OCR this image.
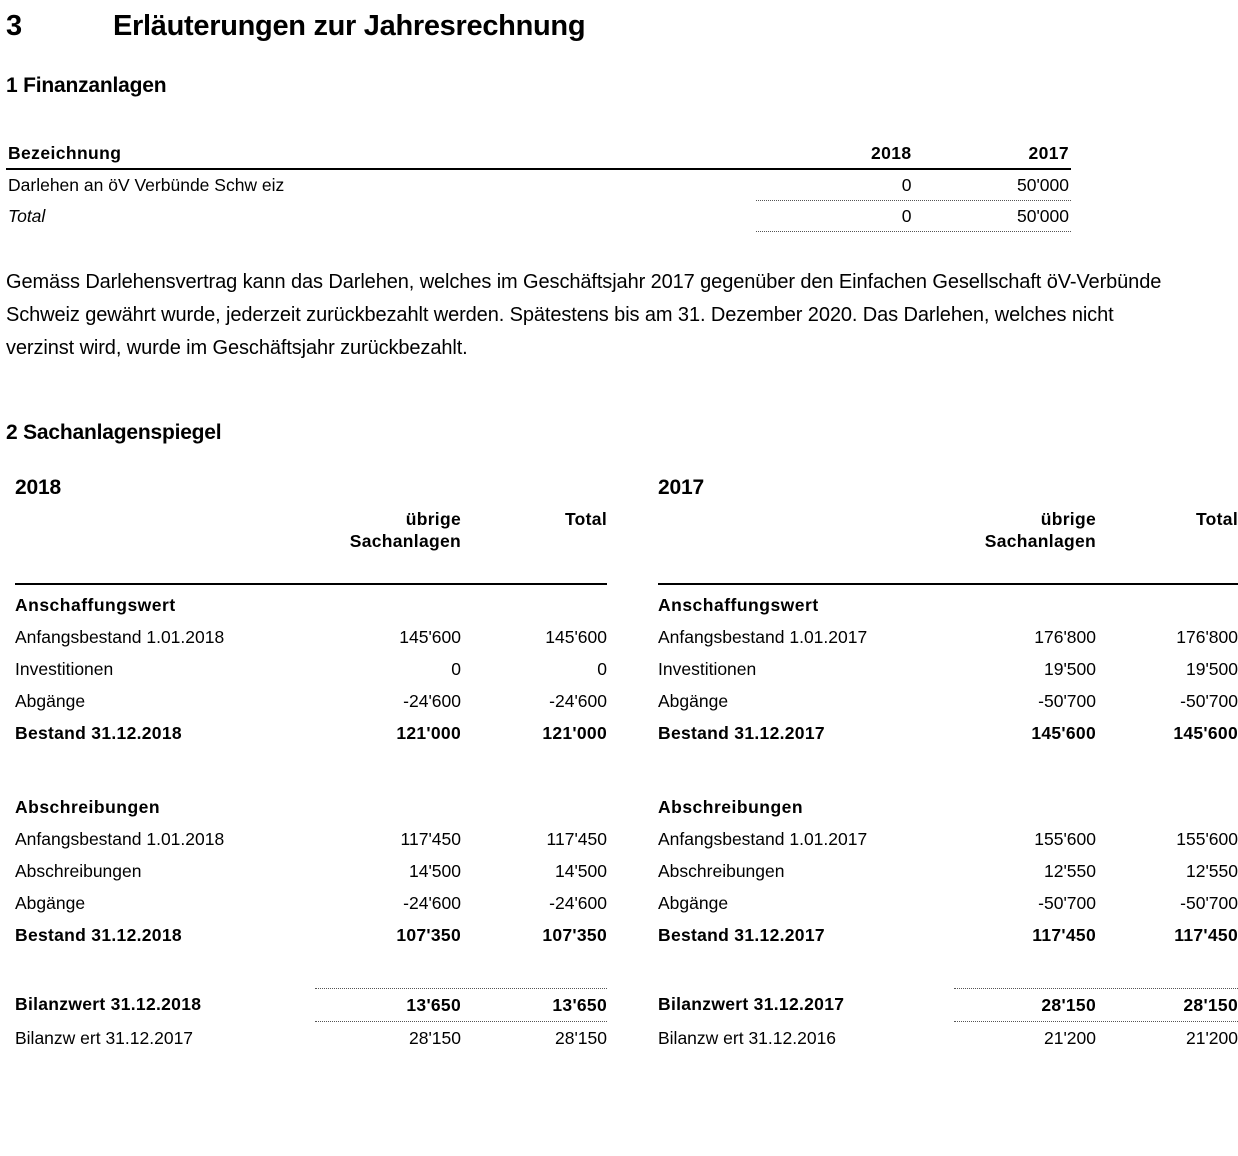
3	Erläuterungen zur Jahresrechnung
1 Finanzanlagen
Bezeichnung	2018	2017
Darlehen an öV Verbünde Schw eiz	0	50'000
Total	0	50'000

Gemäss Darlehensvertrag kann das Darlehen, welches im Geschäftsjahr 2017 gegenüber den Einfachen Gesellschaft öV-Verbünde Schweiz gewährt wurde, jederzeit zurückbezahlt werden. Spätestens bis am 31. Dezember 2020. Das Darlehen, welches nicht verzinst wird, wurde im Geschäftsjahr zurückbezahlt.

2 Sachanlagenspiegel
2018
übrige
Sachanlagen
Total
Anschaffungswert
Anfangsbestand 1.01.2018	145'600	145'600
Investitionen	0	0
Abgänge	-24'600	-24'600
Bestand 31.12.2018	121'000	121'000
Abschreibungen
Anfangsbestand 1.01.2018	117'450	117'450
Abschreibungen	14'500	14'500
Abgänge	-24'600	-24'600
Bestand 31.12.2018	107'350	107'350
Bilanzwert 31.12.2018	13'650	13'650
Bilanzw ert 31.12.2017	28'150	28'150
2017
übrige
Sachanlagen
Total
Anschaffungswert
Anfangsbestand 1.01.2017	176'800	176'800
Investitionen	19'500	19'500
Abgänge	-50'700	-50'700
Bestand 31.12.2017	145'600	145'600
Abschreibungen
Anfangsbestand 1.01.2017	155'600	155'600
Abschreibungen	12'550	12'550
Abgänge	-50'700	-50'700
Bestand 31.12.2017	117'450	117'450
Bilanzwert 31.12.2017	28'150	28'150
Bilanzw ert 31.12.2016	21'200	21'200
